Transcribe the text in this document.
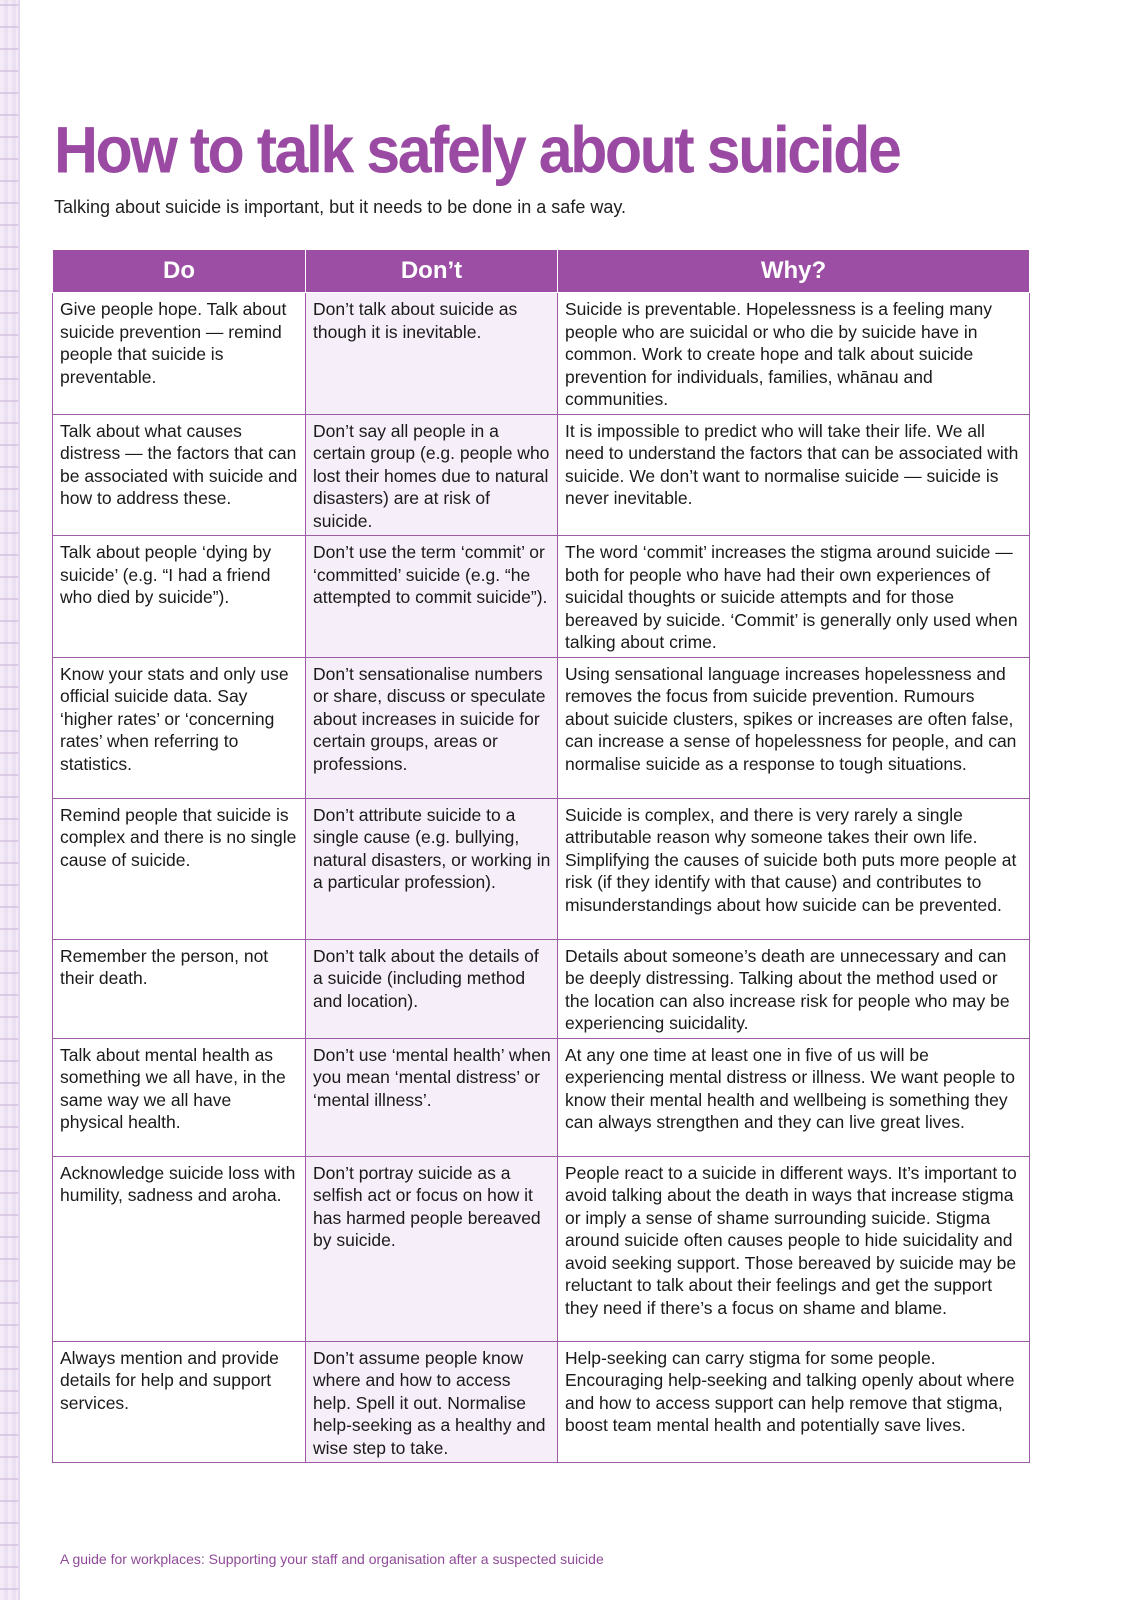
How to talk safely about suicide

Talking about suicide is important, but it needs to be done in a safe way.

Do	Don’t	Why?
Give people hope. Talk about suicide prevention — remind people that suicide is preventable.	Don’t talk about suicide as though it is inevitable.	Suicide is preventable. Hopelessness is a feeling many people who are suicidal or who die by suicide have in common. Work to create hope and talk about suicide prevention for individuals, families, whānau and communities.
Talk about what causes distress — the factors that can be associated with suicide and how to address these.	Don’t say all people in a certain group (e.g. people who lost their homes due to natural disasters) are at risk of suicide.	It is impossible to predict who will take their life. We all need to understand the factors that can be associated with suicide. We don’t want to normalise suicide — suicide is never inevitable.
Talk about people ‘dying by suicide’ (e.g. “I had a friend who died by suicide”).	Don’t use the term ‘commit’ or ‘committed’ suicide (e.g. “he attempted to commit suicide”).	The word ‘commit’ increases the stigma around suicide — both for people who have had their own experiences of suicidal thoughts or suicide attempts and for those bereaved by suicide. ‘Commit’ is generally only used when talking about crime.
Know your stats and only use official suicide data. Say ‘higher rates’ or ‘concerning rates’ when referring to statistics.	Don’t sensationalise numbers or share, discuss or speculate about increases in suicide for certain groups, areas or professions.	Using sensational language increases hopelessness and removes the focus from suicide prevention. Rumours about suicide clusters, spikes or increases are often false, can increase a sense of hopelessness for people, and can normalise suicide as a response to tough situations.
Remind people that suicide is complex and there is no single cause of suicide.	Don’t attribute suicide to a single cause (e.g. bullying, natural disasters, or working in a particular profession).	Suicide is complex, and there is very rarely a single attributable reason why someone takes their own life. Simplifying the causes of suicide both puts more people at risk (if they identify with that cause) and contributes to misunderstandings about how suicide can be prevented.
Remember the person, not their death.	Don’t talk about the details of a suicide (including method and location).	Details about someone’s death are unnecessary and can be deeply distressing. Talking about the method used or the location can also increase risk for people who may be experiencing suicidality.
Talk about mental health as something we all have, in the same way we all have physical health.	Don’t use ‘mental health’ when you mean ‘mental distress’ or ‘mental illness’.	At any one time at least one in five of us will be experiencing mental distress or illness. We want people to know their mental health and wellbeing is something they can always strengthen and they can live great lives.
Acknowledge suicide loss with humility, sadness and aroha.	Don’t portray suicide as a selfish act or focus on how it has harmed people bereaved by suicide.	People react to a suicide in different ways. It’s important to avoid talking about the death in ways that increase stigma or imply a sense of shame surrounding suicide. Stigma around suicide often causes people to hide suicidality and avoid seeking support. Those bereaved by suicide may be reluctant to talk about their feelings and get the support they need if there’s a focus on shame and blame.
Always mention and provide details for help and support services.	Don’t assume people know where and how to access help. Spell it out. Normalise help-seeking as a healthy and wise step to take.	Help-seeking can carry stigma for some people. Encouraging help-seeking and talking openly about where and how to access support can help remove that stigma, boost team mental health and potentially save lives.
A guide for workplaces: Supporting your staff and organisation after a suspected suicide
